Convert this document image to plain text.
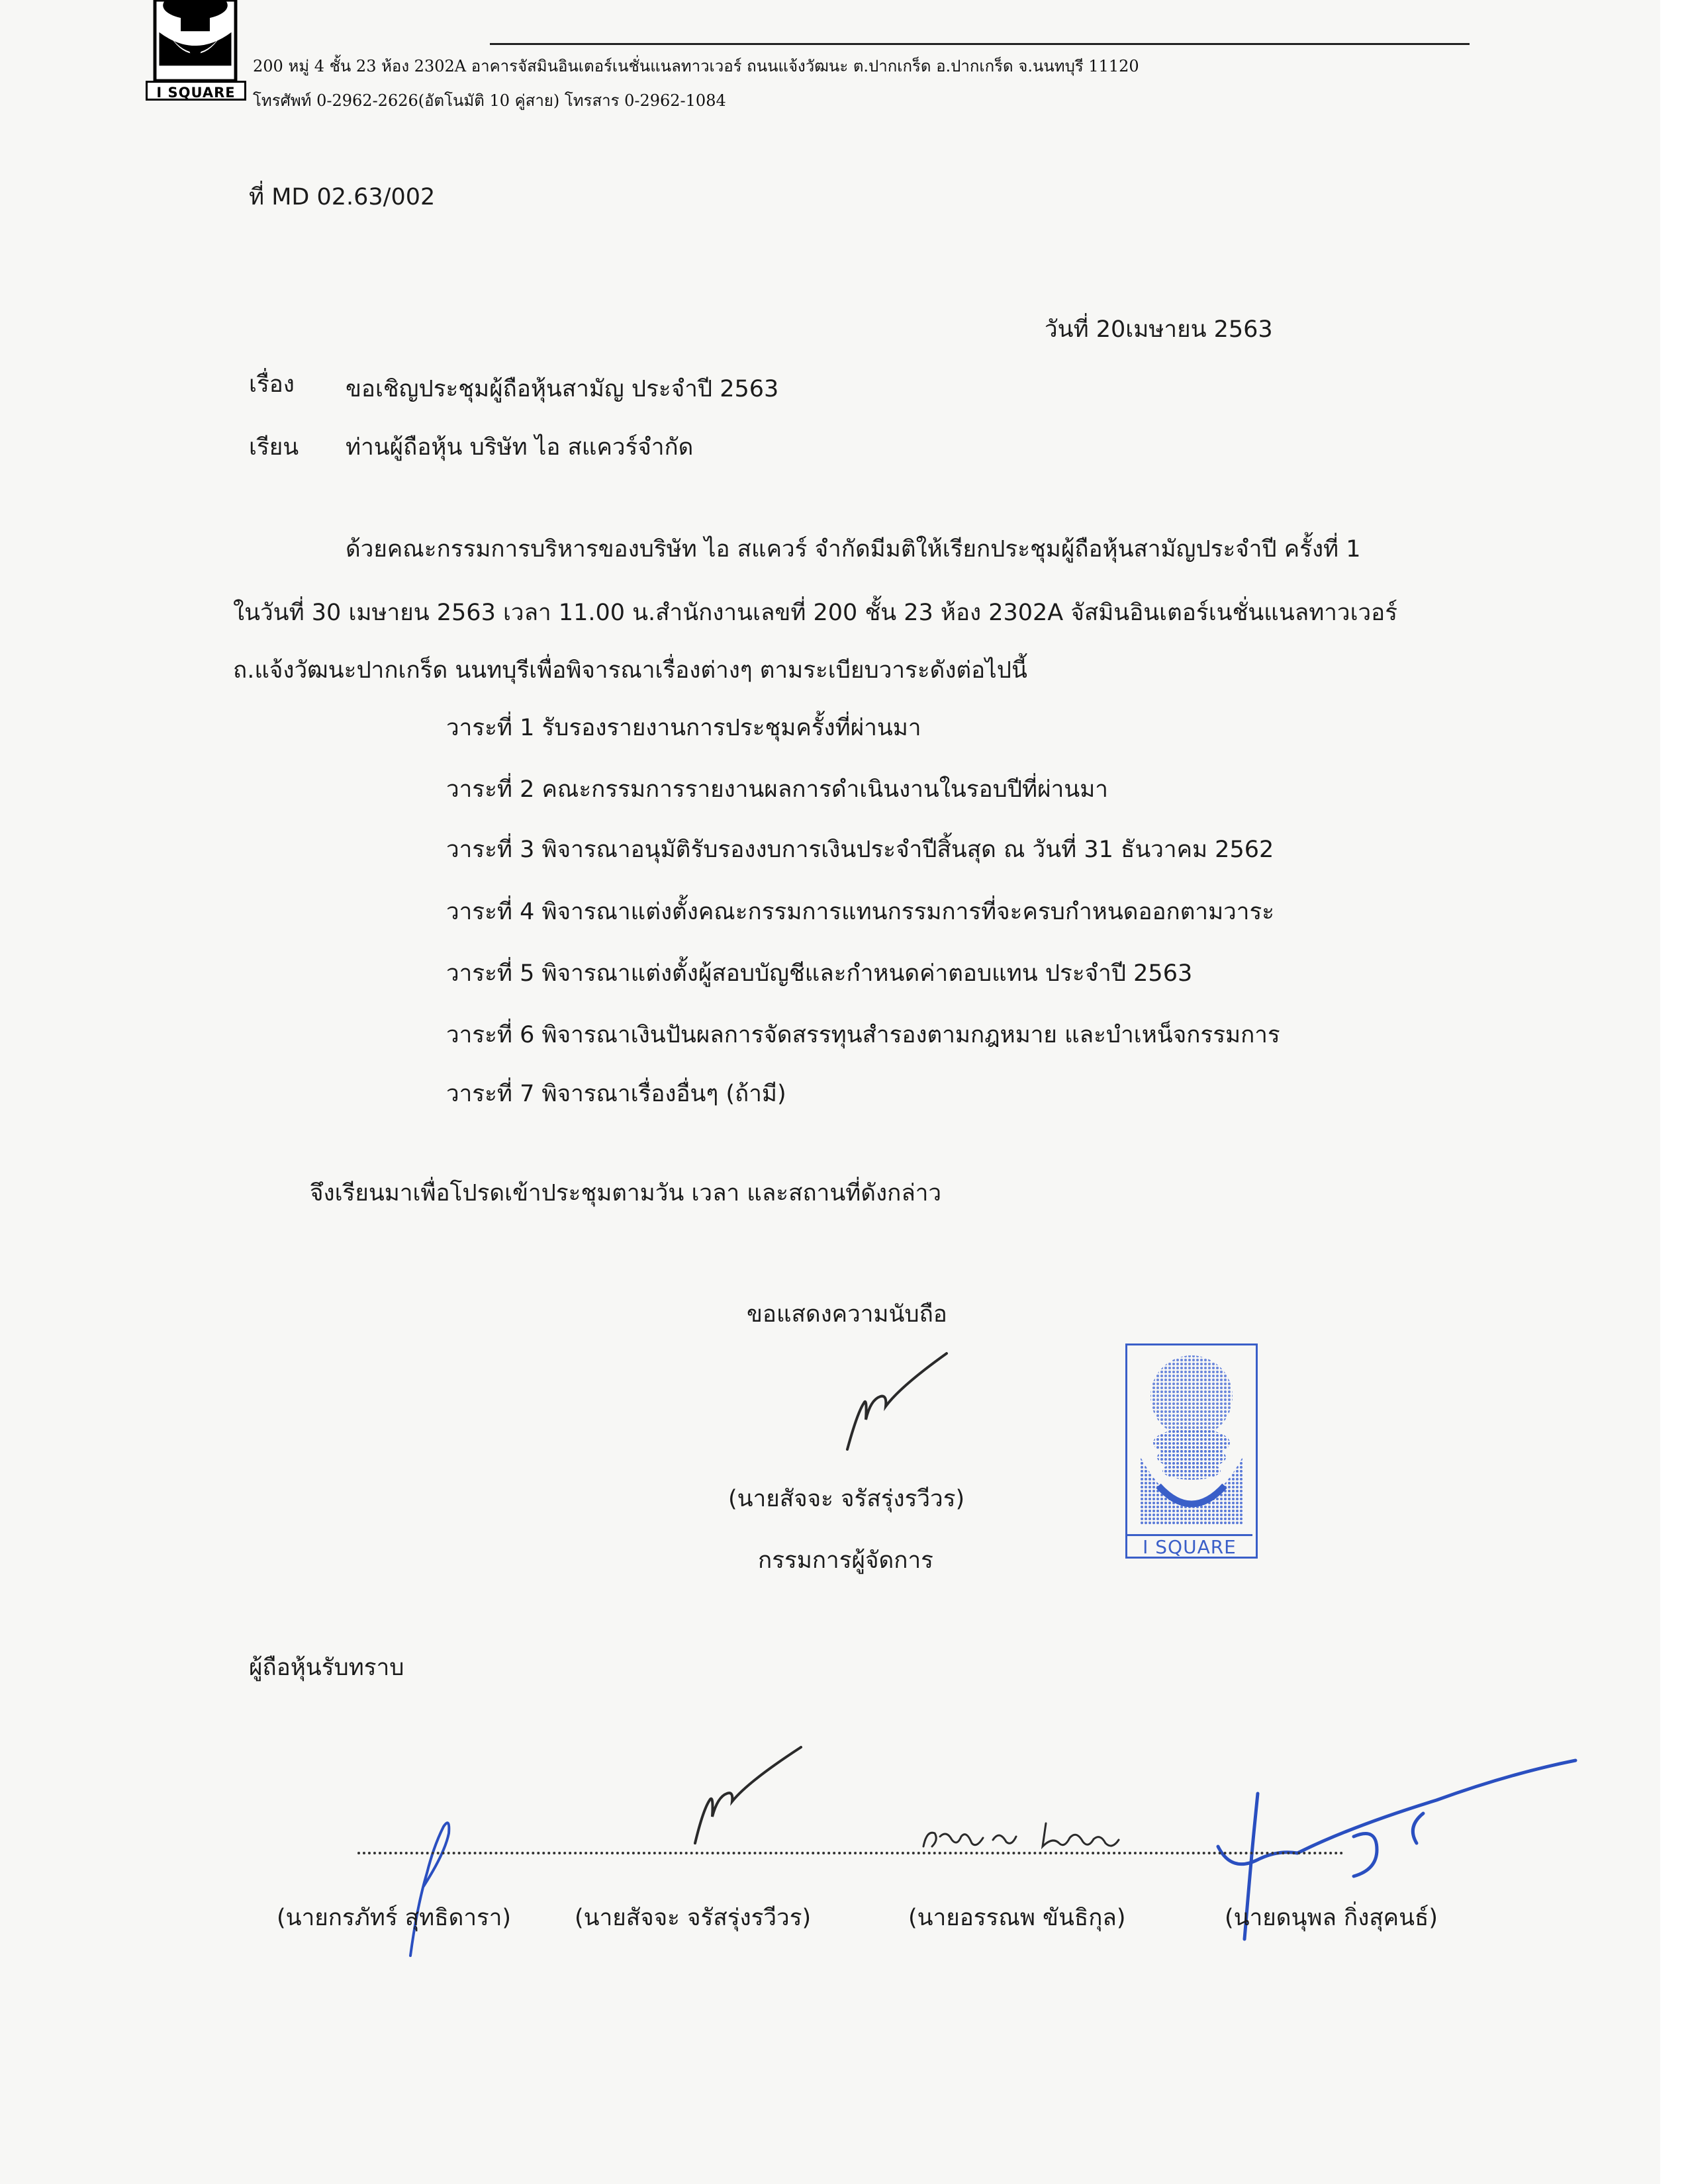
I SQUARE
200 หมู่ 4 ชั้น 23 ห้อง 2302A อาคารจัสมินอินเตอร์เนชั่นแนลทาวเวอร์ ถนนแจ้งวัฒนะ ต.ปากเกร็ด อ.ปากเกร็ด จ.นนทบุรี 11120
โทรศัพท์ 0-2962-2626(อัตโนมัติ 10 คู่สาย) โทรสาร 0-2962-1084
ที่ MD 02.63/002
วันที่ 20เมษายน 2563
เรื่อง ขอเชิญประชุมผู้ถือหุ้นสามัญ ประจำปี 2563
เรียน ท่านผู้ถือหุ้น บริษัท ไอ สแควร์จำกัด
ด้วยคณะกรรมการบริหารของบริษัท ไอ สแควร์ จำกัดมีมติให้เรียกประชุมผู้ถือหุ้นสามัญประจำปี ครั้งที่ 1
ในวันที่ 30 เมษายน 2563 เวลา 11.00 น.สำนักงานเลขที่ 200 ชั้น 23 ห้อง 2302A จัสมินอินเตอร์เนชั่นแนลทาวเวอร์
ถ.แจ้งวัฒนะปากเกร็ด นนทบุรีเพื่อพิจารณาเรื่องต่างๆ ตามระเบียบวาระดังต่อไปนี้
วาระที่ 1 รับรองรายงานการประชุมครั้งที่ผ่านมา
วาระที่ 2 คณะกรรมการรายงานผลการดำเนินงานในรอบปีที่ผ่านมา
วาระที่ 3 พิจารณาอนุมัติรับรองงบการเงินประจำปีสิ้นสุด ณ วันที่ 31 ธันวาคม 2562
วาระที่ 4 พิจารณาแต่งตั้งคณะกรรมการแทนกรรมการที่จะครบกำหนดออกตามวาระ
วาระที่ 5 พิจารณาแต่งตั้งผู้สอบบัญชีและกำหนดค่าตอบแทน ประจำปี 2563
วาระที่ 6 พิจารณาเงินปันผลการจัดสรรทุนสำรองตามกฎหมาย และบำเหน็จกรรมการ
วาระที่ 7 พิจารณาเรื่องอื่นๆ (ถ้ามี)
จึงเรียนมาเพื่อโปรดเข้าประชุมตามวัน เวลา และสถานที่ดังกล่าว
ขอแสดงความนับถือ
(นายสัจจะ จรัสรุ่งรวีวร)
กรรมการผู้จัดการ
I SQUARE
ผู้ถือหุ้นรับทราบ
(นายกรภัทร์ สุทธิดารา)	(นายสัจจะ จรัสรุ่งรวีวร)	(นายอรรณพ ขันธิกุล)	(นายดนุพล กิ่งสุคนธ์)
